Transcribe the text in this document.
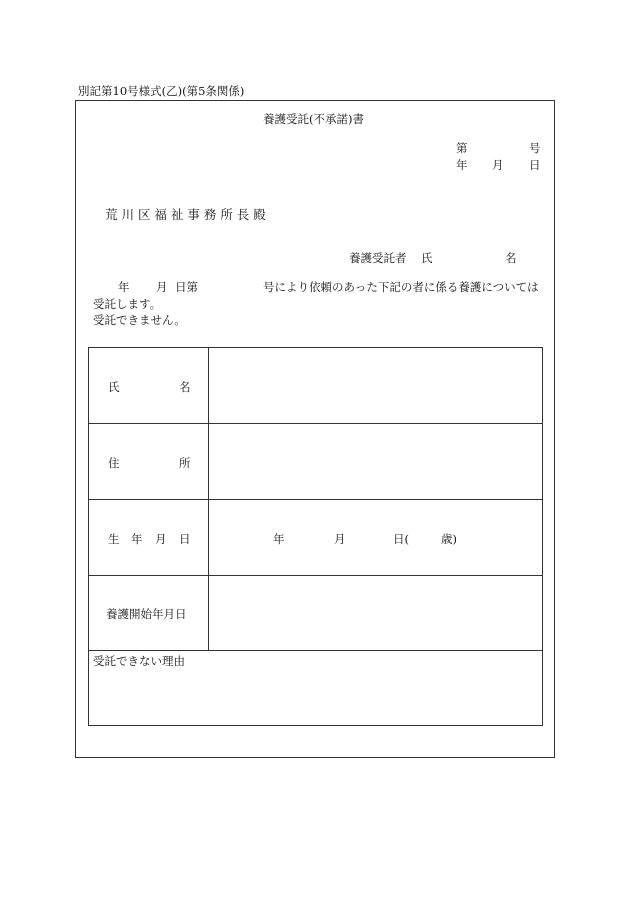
別記第10号様式(乙)(第5条関係)
養護受託(不承諾)書
第	号
年 月 日
荒 川 区 福 祉 事 務 所 長 殿
養護受託者 氏	名
年 月 日第	号により依頼のあった下記の者に係る養護については
受託します。
受託できません。
氏	名
住	所
生 年 月 日	年	月	日(	歳)
養護開始年月日
受託できない理由
